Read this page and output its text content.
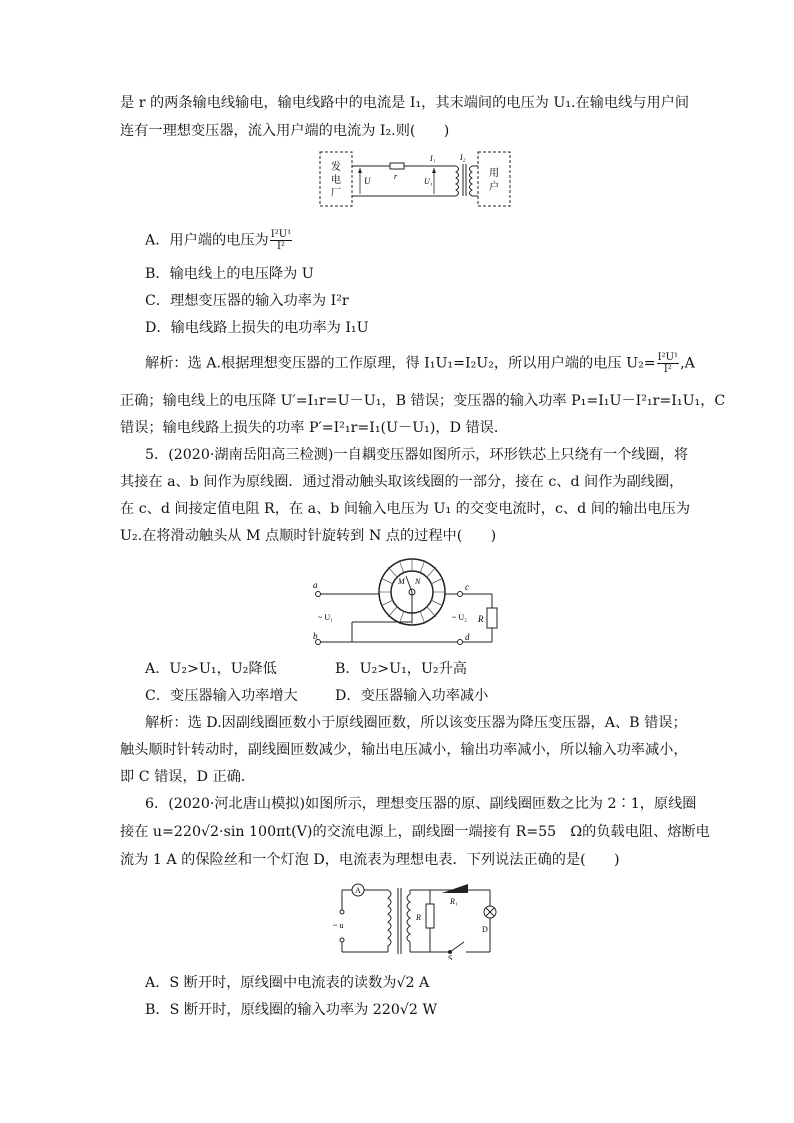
是 r 的两条输电线输电，输电线路中的电流是 I₁，其末端间的电压为 U₁.在输电线与用户间
连有一理想变压器，流入用户端的电流为 I₂.则(　　)
发
电
厂
U	r
I₁
U₁
I₂
用
户
A．用户端的电压为 $\frac{\text{I²U¹}}{\text{I²}}$
B．输电线上的电压降为 U
C．理想变压器的输入功率为 I²r
D．输电线路上损失的电功率为 I₁U
解析：选 A.根据理想变压器的工作原理，得 I₁U₁=I₂U₂，所以用户端的电压 $U_2= \frac{\text{I²U¹}}{\text{I²}} ,A$
正确；输电线上的电压降 U′=I₁r=U－U₁，B 错误；变压器的输入功率 P₁=I₁U－I²₁r=I₁U₁，C
错误；输电线路上损失的功率 P′=I²₁r=I₁(U－U₁)，D 错误．
5．(2020·湖南岳阳高三检测)一自耦变压器如图所示，环形铁芯上只绕有一个线圈，将
其接在 a、b 间作为原线圈．通过滑动触头取该线圈的一部分，接在 c、d 间作为副线圈，
在 c、d 间接定值电阻 R，在 a、b 间输入电压为 U₁ 的交变电流时，c、d 间的输出电压为
U₂.在将滑动触头从 M 点顺时针旋转到 N 点的过程中(　　)
a
b
c
d
~ U₁	~ U₂
M N
R
A．U₂>U₁，U₂降低	B．U₂>U₁，U₂升高
C．变压器输入功率增大	D．变压器输入功率减小
解析：选 D.因副线圈匝数小于原线圈匝数，所以该变压器为降压变压器，A、B 错误；
触头顺时针转动时，副线圈匝数减少，输出电压减小，输出功率减小，所以输入功率减小，
即 C 错误，D 正确．
6．(2020·河北唐山模拟)如图所示，理想变压器的原、副线圈匝数之比为 2∶1，原线圈
接在 u=220√2·sin 100πt(V)的交流电源上，副线圈一端接有 R=55　Ω的负载电阻、熔断电
流为 1 A 的保险丝和一个灯泡 D，电流表为理想电表．下列说法正确的是(　　)
A
~ u
R
R₁
D
S
A．S 断开时，原线圈中电流表的读数为√2 A
B．S 断开时，原线圈的输入功率为 220√2 W
